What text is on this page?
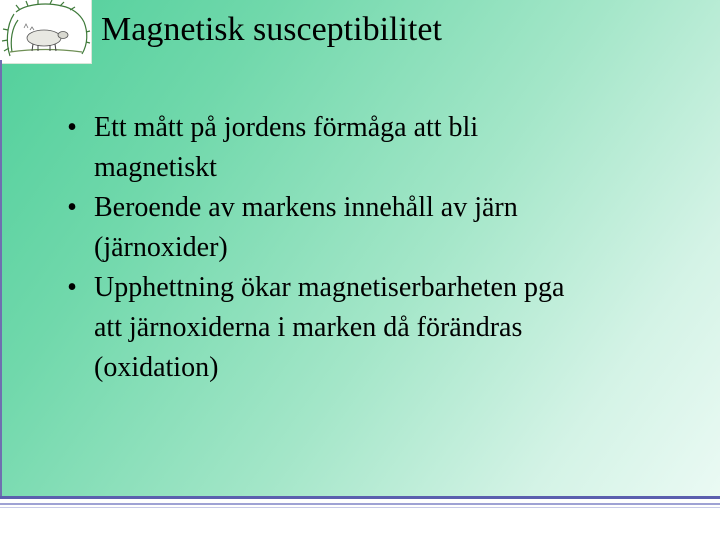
Magnetisk susceptibilitet
• Ett mått på jordens förmåga att bli
magnetiskt
• Beroende av markens innehåll av järn
(järnoxider)
• Upphettning ökar magnetiserbarheten pga
att järnoxiderna i marken då förändras
(oxidation)
